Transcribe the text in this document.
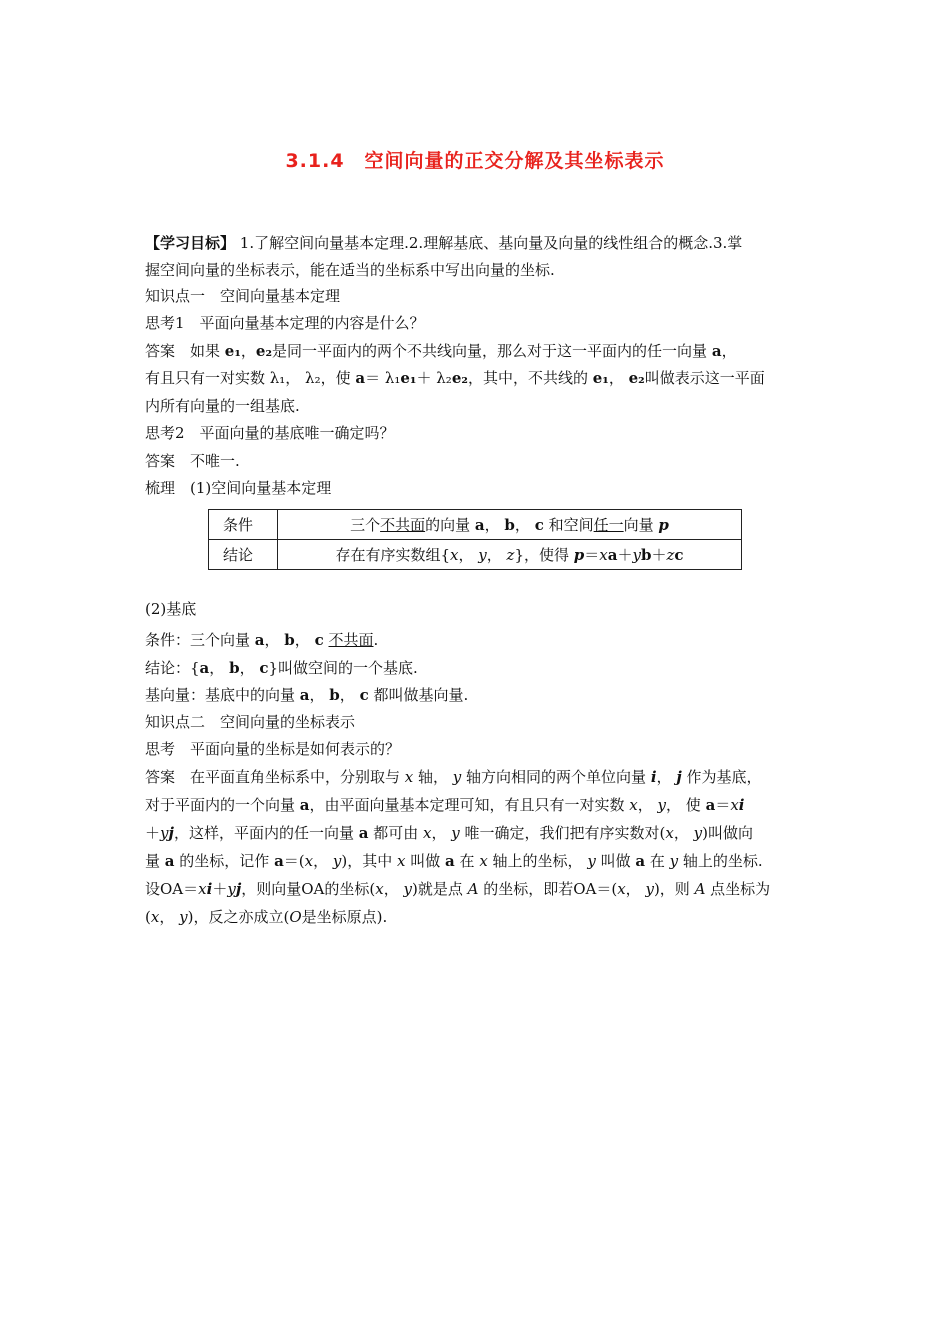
3.1.4　空间向量的正交分解及其坐标表示
【学习目标】 1.了解空间向量基本定理.2.理解基底、基向量及向量的线性组合的概念.3.掌
握空间向量的坐标表示，能在适当的坐标系中写出向量的坐标.
知识点一　空间向量基本定理
思考1　平面向量基本定理的内容是什么？
答案　如果 e₁，e₂是同一平面内的两个不共线向量，那么对于这一平面内的任一向量 a，
有且只有一对实数 λ₁， λ₂，使 a＝ λ₁e₁＋ λ₂e₂，其中，不共线的 e₁， e₂叫做表示这一平面
内所有向量的一组基底.
思考2　平面向量的基底唯一确定吗？
答案　不唯一.
梳理　(1)空间向量基本定理
条件	三个不共面的向量 a， b， c 和空间任一向量 p
结论	存在有序实数组{x， y， z}，使得 p＝xa＋yb＋zc
(2)基底
条件：三个向量 a， b， c 不共面.
结论：{a， b， c}叫做空间的一个基底.
基向量：基底中的向量 a， b， c 都叫做基向量.
知识点二　空间向量的坐标表示
思考　平面向量的坐标是如何表示的？
答案　在平面直角坐标系中，分别取与 x 轴， y 轴方向相同的两个单位向量 i， j 作为基底，
对于平面内的一个向量 a，由平面向量基本定理可知，有且只有一对实数 x， y， 使 a＝xi
＋yj，这样，平面内的任一向量 a 都可由 x， y 唯一确定，我们把有序实数对(x， y)叫做向
量 a 的坐标，记作 a＝(x， y)，其中 x 叫做 a 在 x 轴上的坐标， y 叫做 a 在 y 轴上的坐标.
设OA＝xi＋yj，则向量OA的坐标(x， y)就是点 A 的坐标，即若OA＝(x， y)，则 A 点坐标为
(x， y)，反之亦成立(O是坐标原点).
